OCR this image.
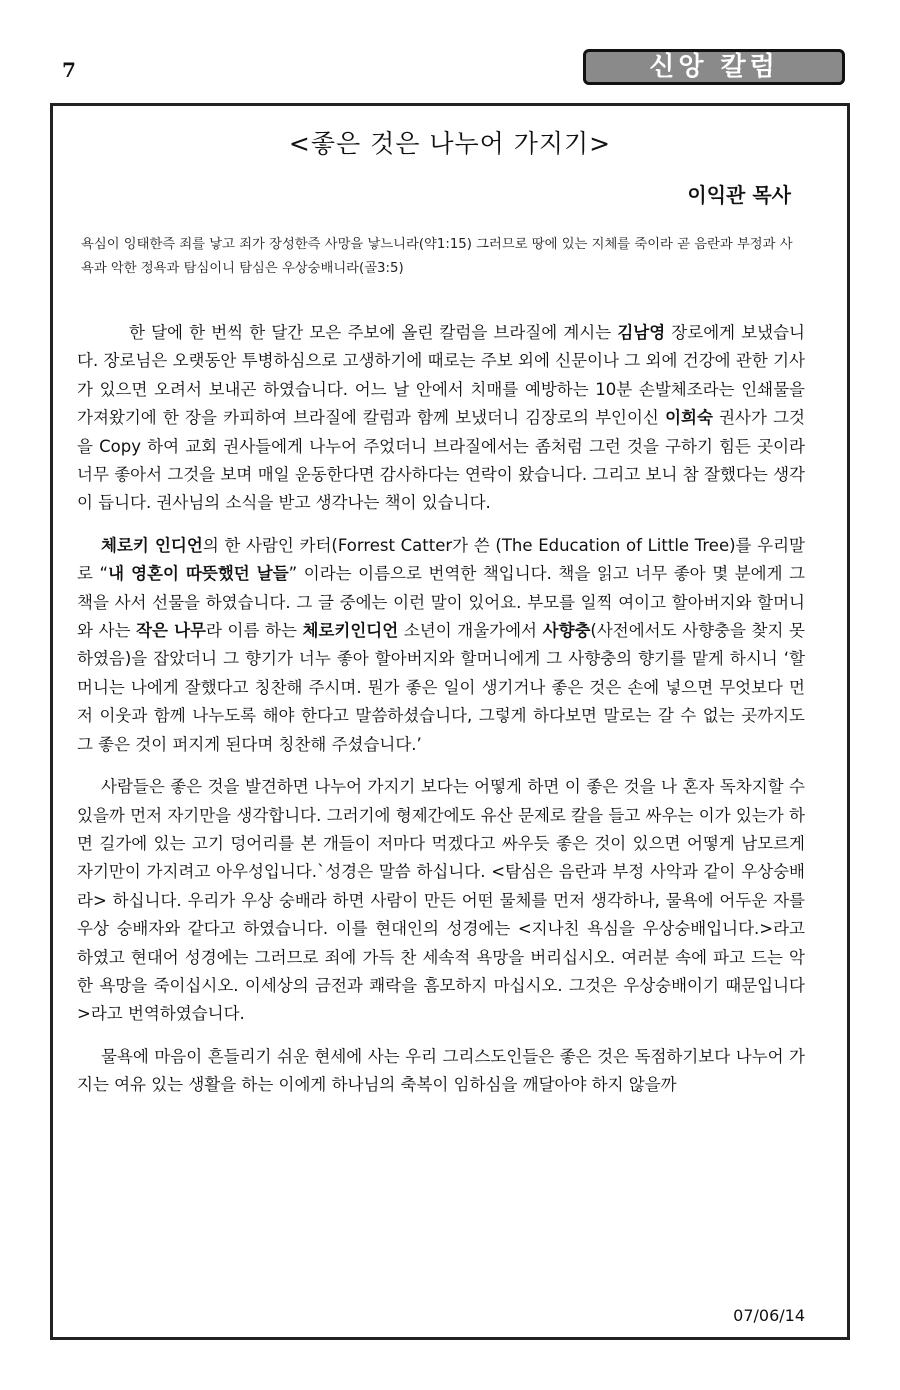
7	신앙 칼럼
<좋은 것은 나누어 가지기>
이익관 목사
욕심이 잉태한즉 죄를 낳고 죄가 장성한즉 사망을 낳느니라(약1:15) 그러므로 땅에 있는 지체를 죽이라 곧 음란과 부정과 사욕과 악한 정욕과 탐심이니 탐심은 우상숭배니라(골3:5)

한 달에 한 번씩 한 달간 모은 주보에 올린 칼럼을 브라질에 계시는 김남영 장로에게 보냈습니다. 장로님은 오랫동안 투병하심으로 고생하기에 때로는 주보 외에 신문이나 그 외에 건강에 관한 기사가 있으면 오려서 보내곤 하였습니다. 어느 날 안에서 치매를 예방하는 10분 손발체조라는 인쇄물을 가져왔기에 한 장을 카피하여 브라질에 칼럼과 함께 보냈더니 김장로의 부인이신 이희숙 권사가 그것을 Copy 하여 교회 권사들에게 나누어 주었더니 브라질에서는 좀처럼 그런 것을 구하기 힘든 곳이라 너무 좋아서 그것을 보며 매일 운동한다면 감사하다는 연락이 왔습니다. 그리고 보니 참 잘했다는 생각이 듭니다. 권사님의 소식을 받고 생각나는 책이 있습니다.

체로키 인디언의 한 사람인 카터(Forrest Catter가 쓴 (The Education of Little Tree)를 우리말로 “내 영혼이 따뜻했던 날들” 이라는 이름으로 번역한 책입니다. 책을 읽고 너무 좋아 몇 분에게 그 책을 사서 선물을 하였습니다. 그 글 중에는 이런 말이 있어요. 부모를 일찍 여이고 할아버지와 할머니와 사는 작은 나무라 이름 하는 체로키인디언 소년이 개울가에서 사향충(사전에서도 사향충을 찾지 못하였음)을 잡았더니 그 향기가 너누 좋아 할아버지와 할머니에게 그 사향충의 향기를 맡게 하시니 ‘할머니는 나에게 잘했다고 칭찬해 주시며. 뭔가 좋은 일이 생기거나 좋은 것은 손에 넣으면 무엇보다 먼저 이웃과 함께 나누도록 해야 한다고 말씀하셨습니다, 그렇게 하다보면 말로는 갈 수 없는 곳까지도 그 좋은 것이 퍼지게 된다며 칭찬해 주셨습니다.’

사람들은 좋은 것을 발견하면 나누어 가지기 보다는 어떻게 하면 이 좋은 것을 나 혼자 독차지할 수 있을까 먼저 자기만을 생각합니다. 그러기에 형제간에도 유산 문제로 칼을 들고 싸우는 이가 있는가 하면 길가에 있는 고기 덩어리를 본 개들이 저마다 먹겠다고 싸우듯 좋은 것이 있으면 어떻게 남모르게 자기만이 가지려고 아우성입니다.`성경은 말씀 하십니다. <탐심은 음란과 부정 사악과 같이 우상숭배라> 하십니다. 우리가 우상 숭배라 하면 사람이 만든 어떤 물체를 먼저 생각하나, 물욕에 어두운 자를 우상 숭배자와 같다고 하였습니다. 이를 현대인의 성경에는 <지나친 욕심을 우상숭배입니다.>라고 하였고 현대어 성경에는 그러므로 죄에 가득 찬 세속적 욕망을 버리십시오. 여러분 속에 파고 드는 악한 욕망을 죽이십시오. 이세상의 금전과 쾌락을 흠모하지 마십시오. 그것은 우상숭배이기 때문입니다>라고 번역하였습니다.

물욕에 마음이 흔들리기 쉬운 현세에 사는 우리 그리스도인들은 좋은 것은 독점하기보다 나누어 가지는 여유 있는 생활을 하는 이에게 하나님의 축복이 임하심을 깨달아야 하지 않을까

07/06/14
